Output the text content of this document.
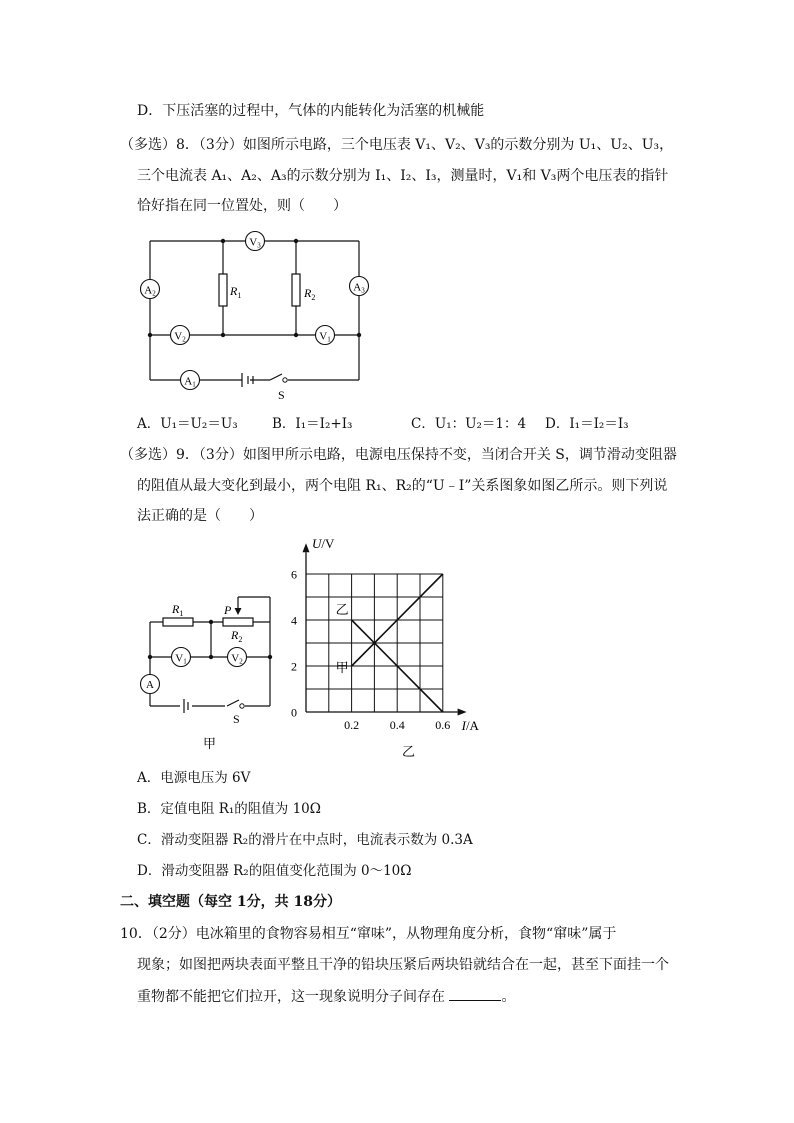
D．下压活塞的过程中，气体的内能转化为活塞的机械能
（多选）8．（3分）如图所示电路，三个电压表 V₁、V₂、V₃的示数分别为 U₁、U₂、U₃，
三个电流表 A₁、A₂、A₃的示数分别为 I₁、I₂、I₃，测量时，V₁和 V₃两个电压表的指针
恰好指在同一位置处，则（　　）
$R_1$	$R_2$
V3
A2	A3
V2	V1
A1
S
A．U₁＝U₂＝U₃	B．I₁＝I₂+I₃	C．U₁：U₂＝1：4 D．I₁＝I₂＝I₃
（多选）9．（3分）如图甲所示电路，电源电压保持不变，当闭合开关 S，调节滑动变阻器
的阻值从最大变化到最小，两个电阻 R₁、R₂的“U﹣I”关系图象如图乙所示。则下列说
法正确的是（　　）
$R_1$	P
$R_2$
V1	V2
A
S
甲
0.2	0.4	0.6
0
2
4
6
甲
乙
U/V
I/A
乙
A．电源电压为 6V
B．定值电阻 R₁的阻值为 10Ω
C．滑动变阻器 R₂的滑片在中点时，电流表示数为 0.3A
D．滑动变阻器 R₂的阻值变化范围为 0～10Ω
二、填空题（每空 1分，共 18分）
10．（2分）电冰箱里的食物容易相互“窜味”，从物理角度分析，食物“窜味”属于
现象；如图把两块表面平整且干净的铅块压紧后两块铅就结合在一起，甚至下面挂一个
重物都不能把它们拉开，这一现象说明分子间存在	。
